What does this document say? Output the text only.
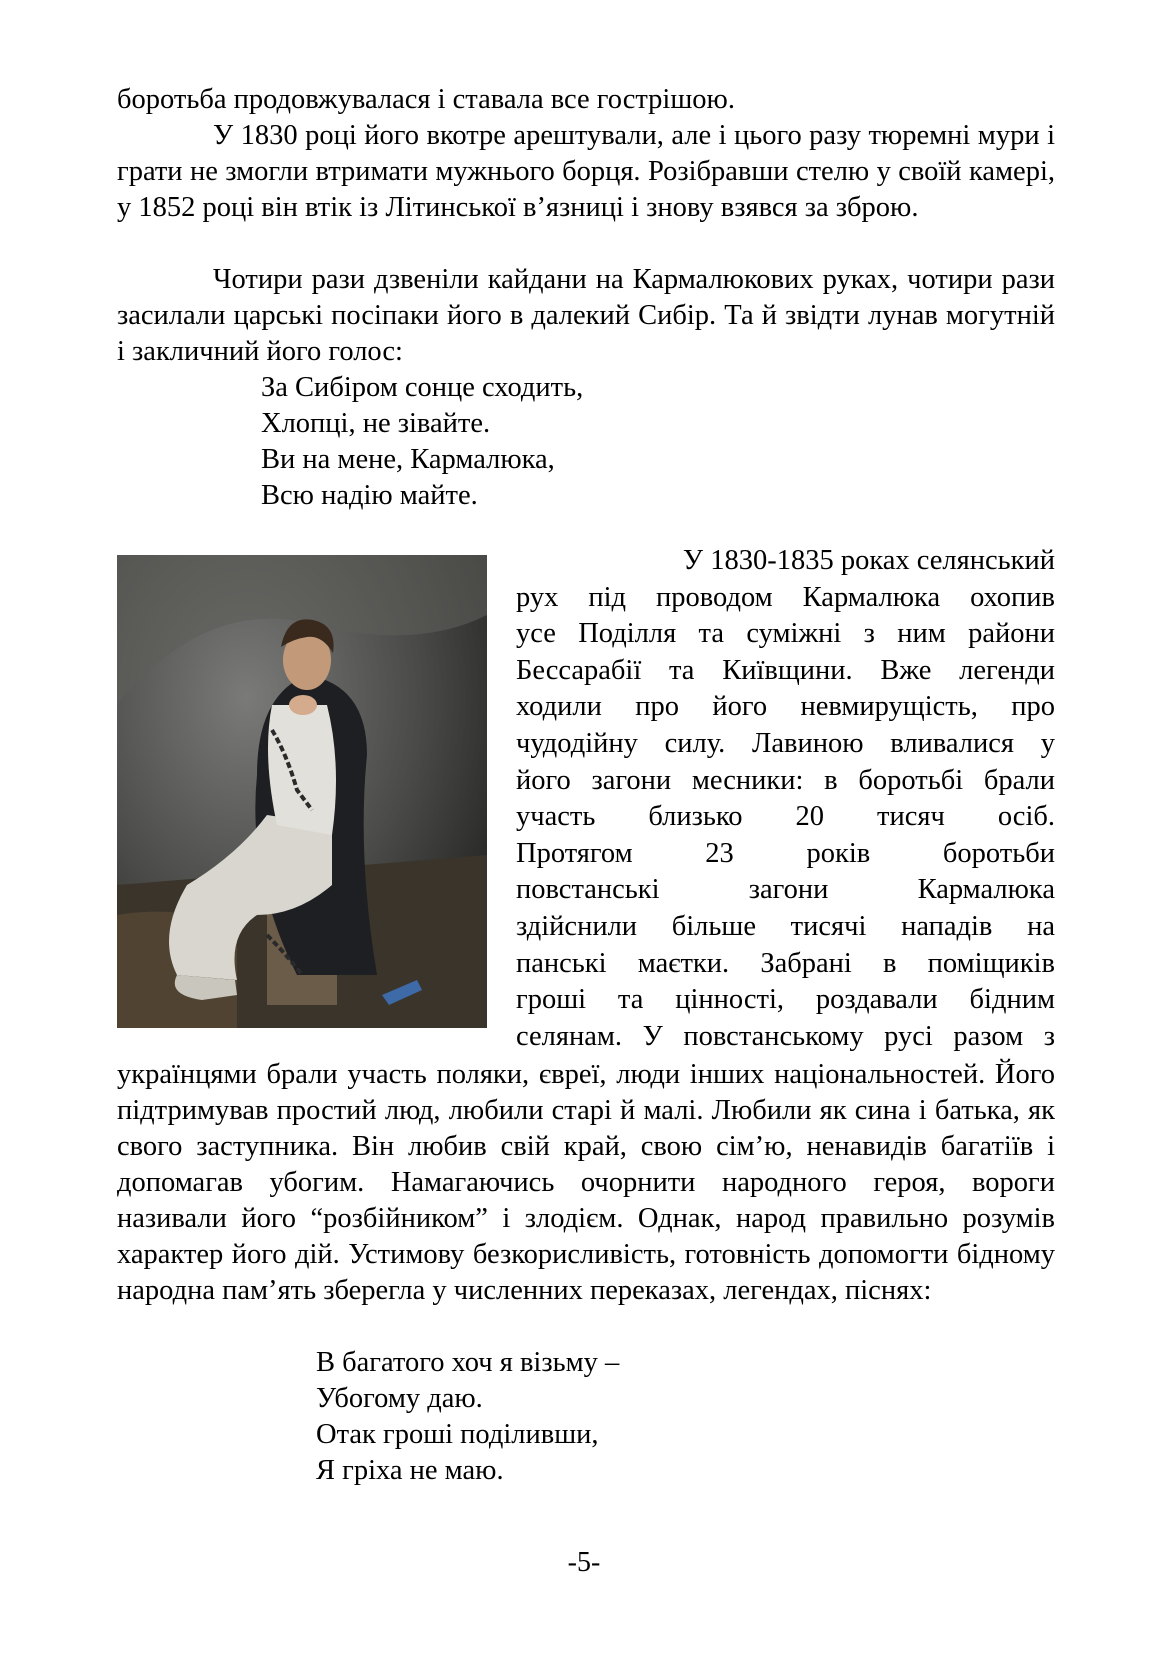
боротьба продовжувалася і ставала все гострішою.
У 1830 році його вкотре арештували, але і цього разу тюремні мури і грати не змогли втримати мужнього борця. Розібравши стелю у своїй камері, у 1852 році він втік із Літинської в’язниці і знову взявся за зброю.
Чотири рази дзвеніли кайдани на Кармалюкових руках, чотири рази засилали царські посіпаки його в далекий Сибір. Та й звідти лунав могутній і закличний його голос:
За Сибіром сонце сходить,
Хлопці, не зівайте.
Ви на мене, Кармалюка,
Всю надію майте.
У 1830-1835 роках селянський
рух під проводом Кармалюка охопив
усе Поділля та суміжні з ним райони
Бессарабії та Київщини. Вже легенди
ходили про його невмирущість, про
чудодійну силу. Лавиною вливалися у
його загони месники: в боротьбі брали
участь близько 20 тисяч осіб.
Протягом 23 років боротьби
повстанські загони Кармалюка
здійснили більше тисячі нападів на
панські маєтки. Забрані в поміщиків
гроші та цінності, роздавали бідним
селянам. У повстанському русі разом з
українцями брали участь поляки, євреї, люди інших національностей. Його підтримував простий люд, любили старі й малі. Любили як сина і батька, як свого заступника. Він любив свій край, свою сім’ю, ненавидів багатіїв і допомагав убогим. Намагаючись очорнити народного героя, вороги називали його “розбійником” і злодієм. Однак, народ правильно розумів характер його дій. Устимову безкорисливість, готовність допомогти бідному народна пам’ять зберегла у численних переказах, легендах, піснях:
В багатого хоч я візьму –
Убогому даю.
Отак гроші поділивши,
Я гріха не маю.
-5-
